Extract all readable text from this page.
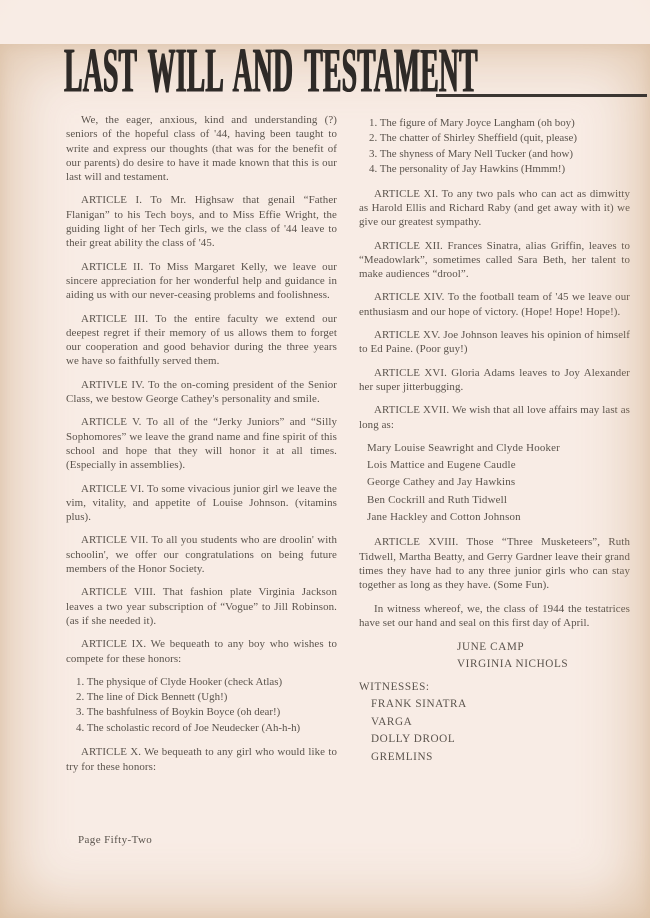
LAST WILL AND TESTAMENT

We, the eager, anxious, kind and understanding (?) seniors of the hopeful class of '44, having been taught to write and express our thoughts (that was for the benefit of our parents) do desire to have it made known that this is our last will and testament.

ARTICLE I. To Mr. Highsaw that genail “Father Flanigan” to his Tech boys, and to Miss Effie Wright, the guiding light of her Tech girls, we the class of '44 leave to their great ability the class of '45.

ARTICLE II. To Miss Margaret Kelly, we leave our sincere appreciation for her wonderful help and guidance in aiding us with our never-ceasing problems and foolishness.

ARTICLE III. To the entire faculty we extend our deepest regret if their memory of us allows them to forget our cooperation and good behavior during the three years we have so faithfully served them.

ARTIVLE IV. To the on-coming president of the Senior Class, we bestow George Cathey's personality and smile.

ARTICLE V. To all of the “Jerky Juniors” and “Silly Sophomores” we leave the grand name and fine spirit of this school and hope that they will honor it at all times. (Especially in assemblies).

ARTICLE VI. To some vivacious junior girl we leave the vim, vitality, and appetite of Louise Johnson. (vitamins plus).

ARTICLE VII. To all you students who are droolin' with schoolin', we offer our congratulations on being future members of the Honor Society.

ARTICLE VIII. That fashion plate Virginia Jackson leaves a two year subscription of “Vogue” to Jill Robinson. (as if she needed it).

ARTICLE IX. We bequeath to any boy who wishes to compete for these honors:

1. The physique of Clyde Hooker (check Atlas)
2. The line of Dick Bennett (Ugh!)
3. The bashfulness of Boykin Boyce (oh dear!)
4. The scholastic record of Joe Neudecker (Ah-h-h)

ARTICLE X. We bequeath to any girl who would like to try for these honors:

1. The figure of Mary Joyce Langham (oh boy)
2. The chatter of Shirley Sheffield (quit, please)
3. The shyness of Mary Nell Tucker (and how)
4. The personality of Jay Hawkins (Hmmm!)

ARTICLE XI. To any two pals who can act as dimwitty as Harold Ellis and Richard Raby (and get away with it) we give our greatest sympathy.

ARTICLE XII. Frances Sinatra, alias Griffin, leaves to “Meadowlark”, sometimes called Sara Beth, her talent to make audiences “drool”.

ARTICLE XIV. To the football team of '45 we leave our enthusiasm and our hope of victory. (Hope! Hope! Hope!).

ARTICLE XV. Joe Johnson leaves his opinion of himself to Ed Paine. (Poor guy!)

ARTICLE XVI. Gloria Adams leaves to Joy Alexander her super jitterbugging.

ARTICLE XVII. We wish that all love affairs may last as long as:

Mary Louise Seawright and Clyde Hooker
Lois Mattice and Eugene Caudle
George Cathey and Jay Hawkins
Ben Cockrill and Ruth Tidwell
Jane Hackley and Cotton Johnson

ARTICLE XVIII. Those “Three Musketeers”, Ruth Tidwell, Martha Beatty, and Gerry Gardner leave their grand times they have had to any three junior girls who can stay together as long as they have. (Some Fun).

In witness whereof, we, the class of 1944 the testatrices have set our hand and seal on this first day of April.

JUNE CAMP
VIRGINIA NICHOLS
WITNESSES:
FRANK SINATRA
VARGA
DOLLY DROOL
GREMLINS
Page Fifty-Two
